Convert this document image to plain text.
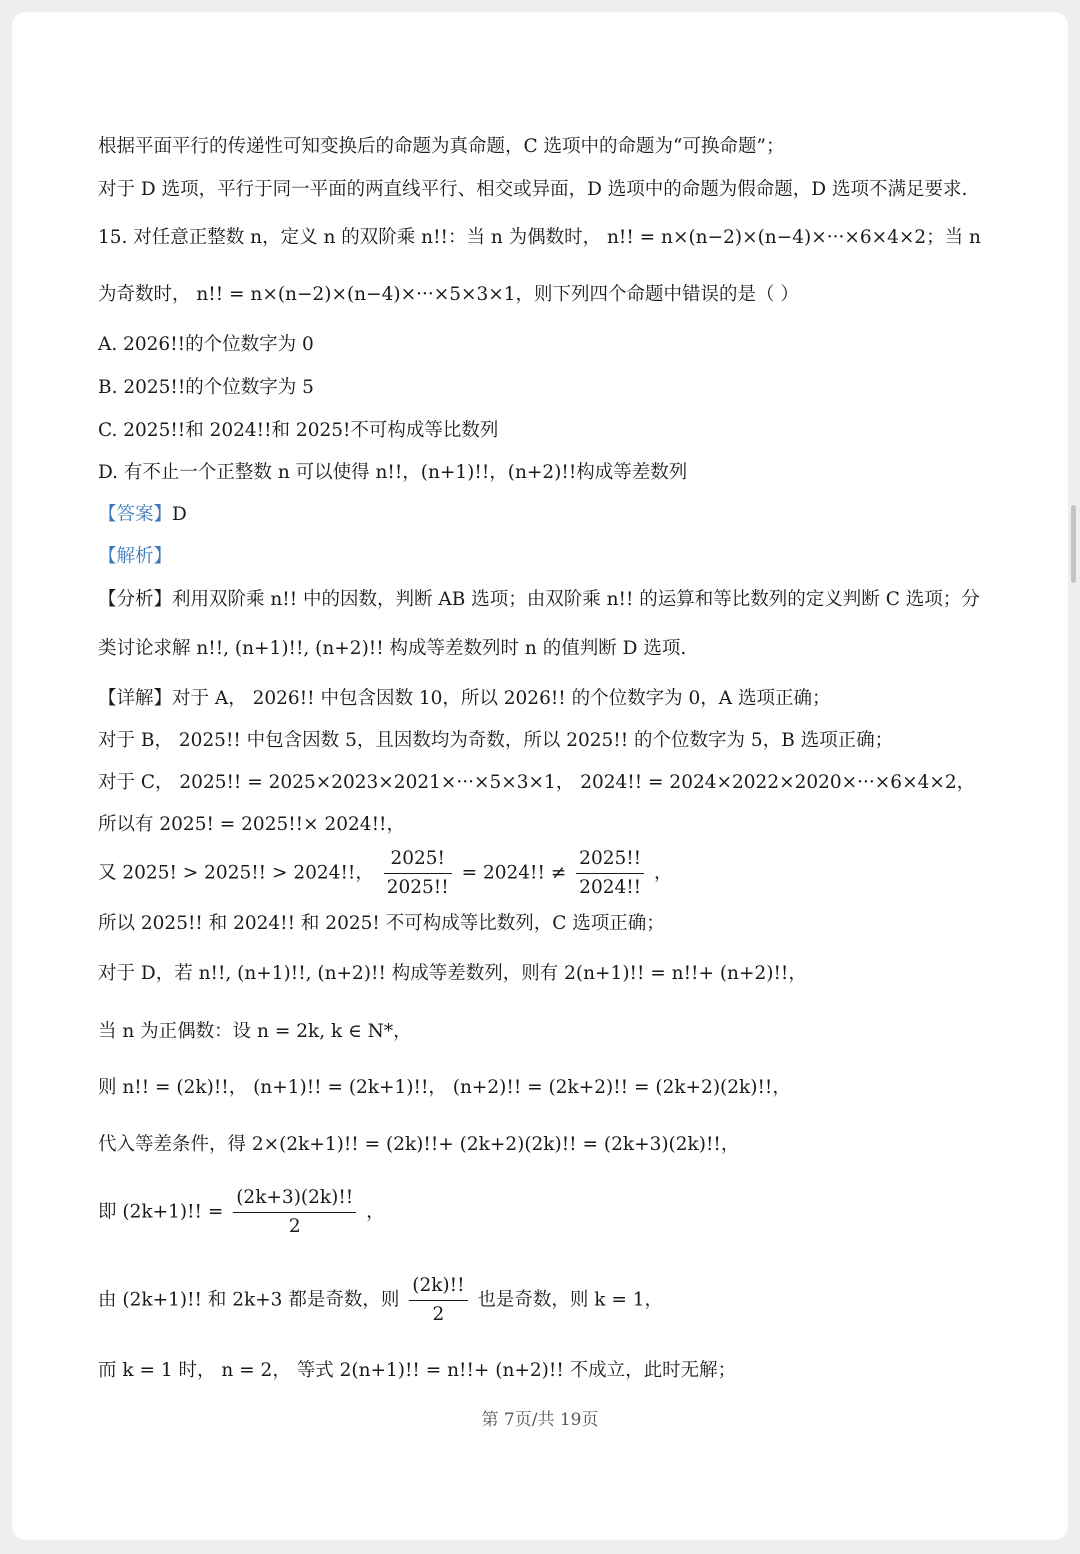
根据平面平行的传递性可知变换后的命题为真命题，C 选项中的命题为“可换命题”；
对于 D 选项，平行于同一平面的两直线平行、相交或异面，D 选项中的命题为假命题，D 选项不满足要求.
15. 对任意正整数 n，定义 n 的双阶乘 n!!：当 n 为偶数时， n!! = n×(n−2)×(n−4)×···×6×4×2；当 n
为奇数时， n!! = n×(n−2)×(n−4)×···×5×3×1，则下列四个命题中错误的是（ ）
A. 2026!!的个位数字为 0
B. 2025!!的个位数字为 5
C. 2025!!和 2024!!和 2025!不可构成等比数列
D. 有不止一个正整数 n 可以使得 n!!，(n+1)!!，(n+2)!!构成等差数列
【答案】D
【解析】
【分析】利用双阶乘 n!! 中的因数，判断 AB 选项；由双阶乘 n!! 的运算和等比数列的定义判断 C 选项；分
类讨论求解 n!!, (n+1)!!, (n+2)!! 构成等差数列时 n 的值判断 D 选项.
【详解】对于 A， 2026!! 中包含因数 10，所以 2026!! 的个位数字为 0，A 选项正确；
对于 B， 2025!! 中包含因数 5，且因数均为奇数，所以 2025!! 的个位数字为 5，B 选项正确；
对于 C， 2025!! = 2025×2023×2021×···×5×3×1， 2024!! = 2024×2022×2020×···×6×4×2，
所以有 2025! = 2025!!× 2024!!，
又 2025! > 2025!! > 2024!!， $\frac{2025!}{2025!!} = 2024$!! ≠ $\frac{2025!!}{2024!!}$ ，
所以 2025!! 和 2024!! 和 2025! 不可构成等比数列，C 选项正确；
对于 D，若 n!!, (n+1)!!, (n+2)!! 构成等差数列，则有 2(n+1)!! = n!!+ (n+2)!!，
当 n 为正偶数：设 n = 2k, k ∈ N*，
则 n!! = (2k)!!， (n+1)!! = (2k+1)!!， (n+2)!! = (2k+2)!! = (2k+2)(2k)!!，
代入等差条件，得 2×(2k+1)!! = (2k)!!+ (2k+2)(2k)!! = (2k+3)(2k)!!，
即 (2k+1)!! = $\frac{(2k+3)(2k)!!}{2}$ ，
由 (2k+1)!! 和 2k+3 都是奇数，则 $\frac{(2k)!!}{2}$ 也是奇数，则 k = 1，
而 k = 1 时， n = 2， 等式 2(n+1)!! = n!!+ (n+2)!! 不成立，此时无解；
第 7页/共 19页
